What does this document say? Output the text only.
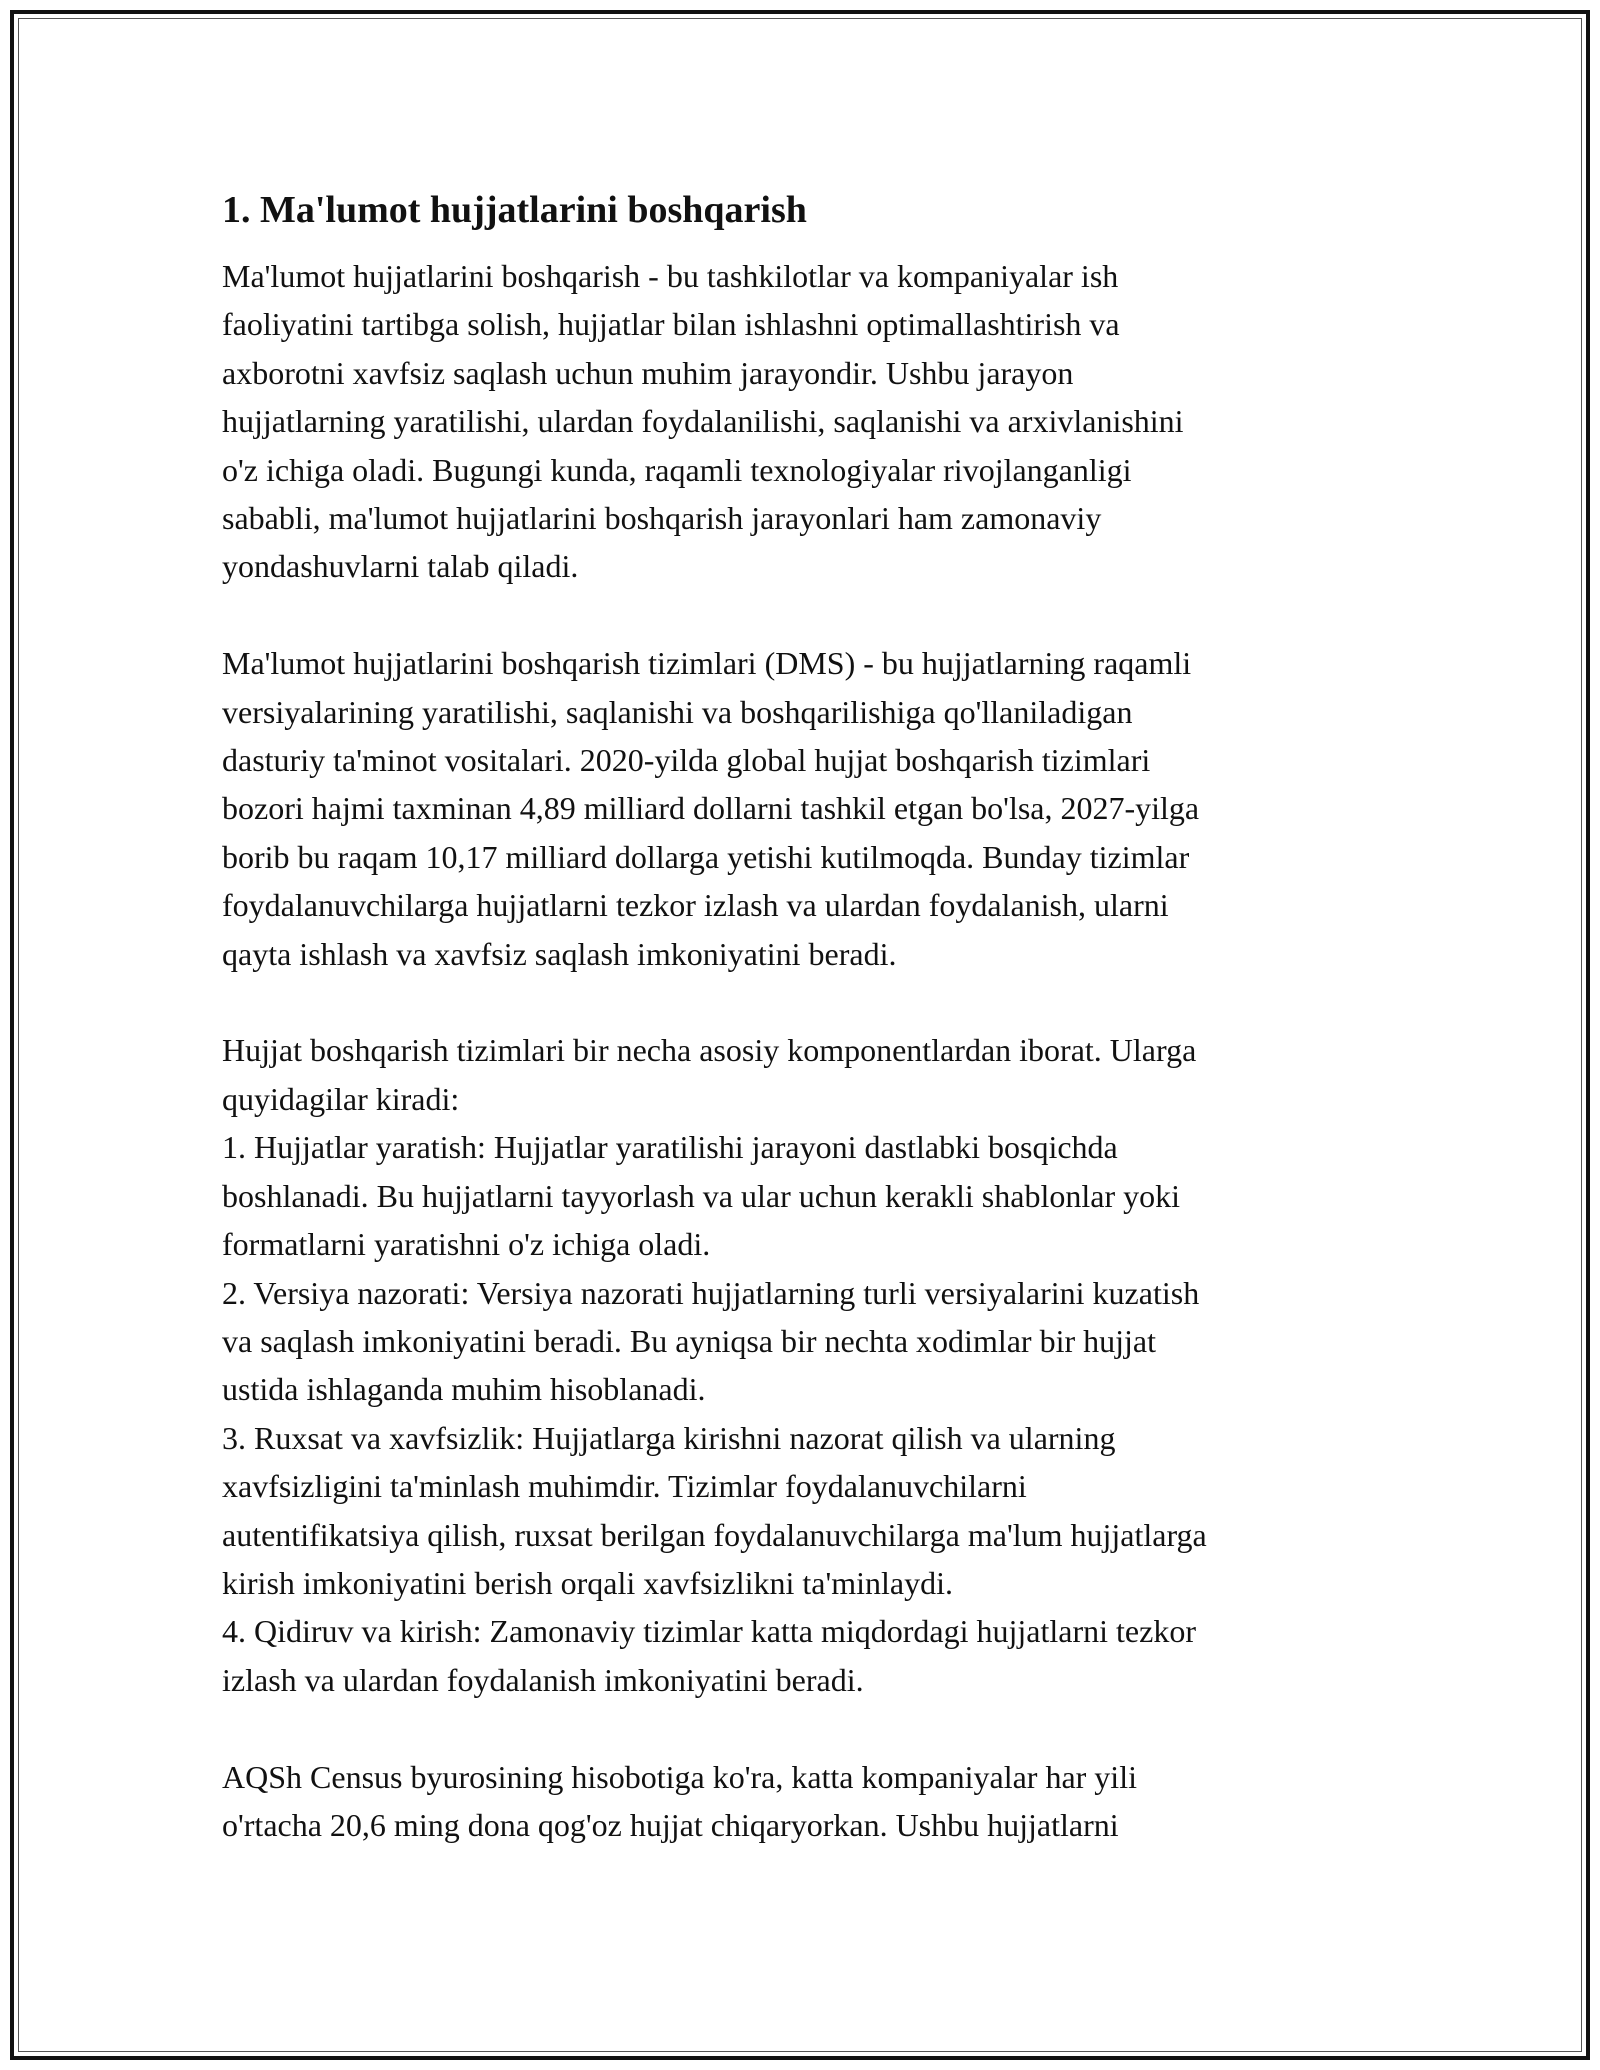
1. Ma'lumot hujjatlarini boshqarish
Ma'lumot hujjatlarini boshqarish - bu tashkilotlar va kompaniyalar ish
faoliyatini tartibga solish, hujjatlar bilan ishlashni optimallashtirish va
axborotni xavfsiz saqlash uchun muhim jarayondir. Ushbu jarayon
hujjatlarning yaratilishi, ulardan foydalanilishi, saqlanishi va arxivlanishini
o'z ichiga oladi. Bugungi kunda, raqamli texnologiyalar rivojlanganligi
sababli, ma'lumot hujjatlarini boshqarish jarayonlari ham zamonaviy
yondashuvlarni talab qiladi.
Ma'lumot hujjatlarini boshqarish tizimlari (DMS) - bu hujjatlarning raqamli
versiyalarining yaratilishi, saqlanishi va boshqarilishiga qo'llaniladigan
dasturiy ta'minot vositalari. 2020-yilda global hujjat boshqarish tizimlari
bozori hajmi taxminan 4,89 milliard dollarni tashkil etgan bo'lsa, 2027-yilga
borib bu raqam 10,17 milliard dollarga yetishi kutilmoqda. Bunday tizimlar
foydalanuvchilarga hujjatlarni tezkor izlash va ulardan foydalanish, ularni
qayta ishlash va xavfsiz saqlash imkoniyatini beradi.
Hujjat boshqarish tizimlari bir necha asosiy komponentlardan iborat. Ularga
quyidagilar kiradi:
1. Hujjatlar yaratish: Hujjatlar yaratilishi jarayoni dastlabki bosqichda
boshlanadi. Bu hujjatlarni tayyorlash va ular uchun kerakli shablonlar yoki
formatlarni yaratishni o'z ichiga oladi.
2. Versiya nazorati: Versiya nazorati hujjatlarning turli versiyalarini kuzatish
va saqlash imkoniyatini beradi. Bu ayniqsa bir nechta xodimlar bir hujjat
ustida ishlaganda muhim hisoblanadi.
3. Ruxsat va xavfsizlik: Hujjatlarga kirishni nazorat qilish va ularning
xavfsizligini ta'minlash muhimdir. Tizimlar foydalanuvchilarni
autentifikatsiya qilish, ruxsat berilgan foydalanuvchilarga ma'lum hujjatlarga
kirish imkoniyatini berish orqali xavfsizlikni ta'minlaydi.
4. Qidiruv va kirish: Zamonaviy tizimlar katta miqdordagi hujjatlarni tezkor
izlash va ulardan foydalanish imkoniyatini beradi.
AQSh Census byurosining hisobotiga ko'ra, katta kompaniyalar har yili
o'rtacha 20,6 ming dona qog'oz hujjat chiqaryorkan. Ushbu hujjatlarni
